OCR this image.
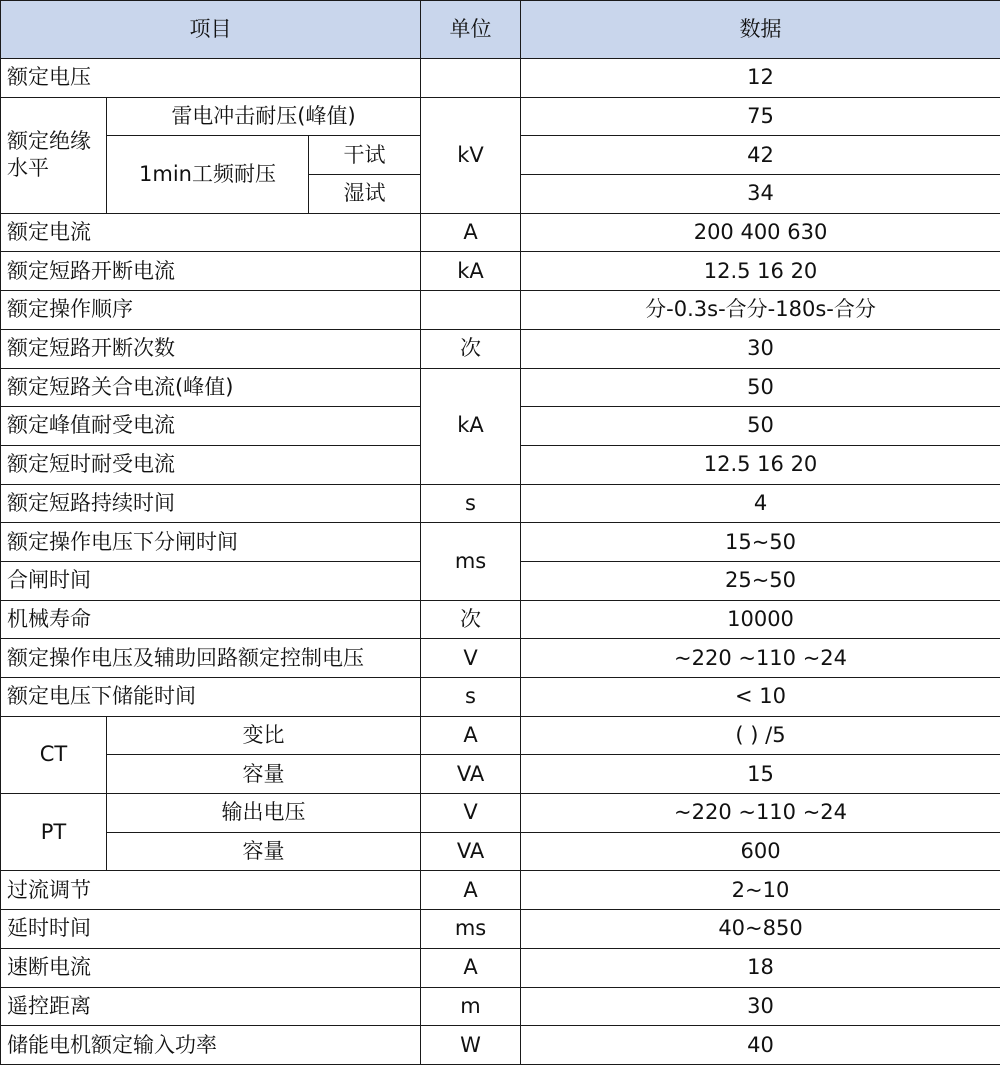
项目			单位	数据
额定电压				12
额定绝缘水平	雷电冲击耐压(峰值)		kV	75
	1min工频耐压	干试		42
		湿试		34
额定电流			A	200 400 630
额定短路开断电流			kA	12.5 16 20
额定操作顺序				分-0.3s-合分-180s-合分
额定短路开断次数			次	30
额定短路关合电流(峰值)			kA	50
额定峰值耐受电流				50
额定短时耐受电流				12.5 16 20
额定短路持续时间			s	4
额定操作电压下分闸时间			ms	15~50
合闸时间				25~50
机械寿命			次	10000
额定操作电压及辅助回路额定控制电压			V	~220 ~110 ~24
额定电压下储能时间			s	< 10
CT	变比		A	( ) /5
	容量		VA	15
PT	输出电压		V	~220 ~110 ~24
	容量		VA	600
过流调节			A	2~10
延时时间			ms	40~850
速断电流			A	18
遥控距离			m	30
储能电机额定输入功率			W	40
